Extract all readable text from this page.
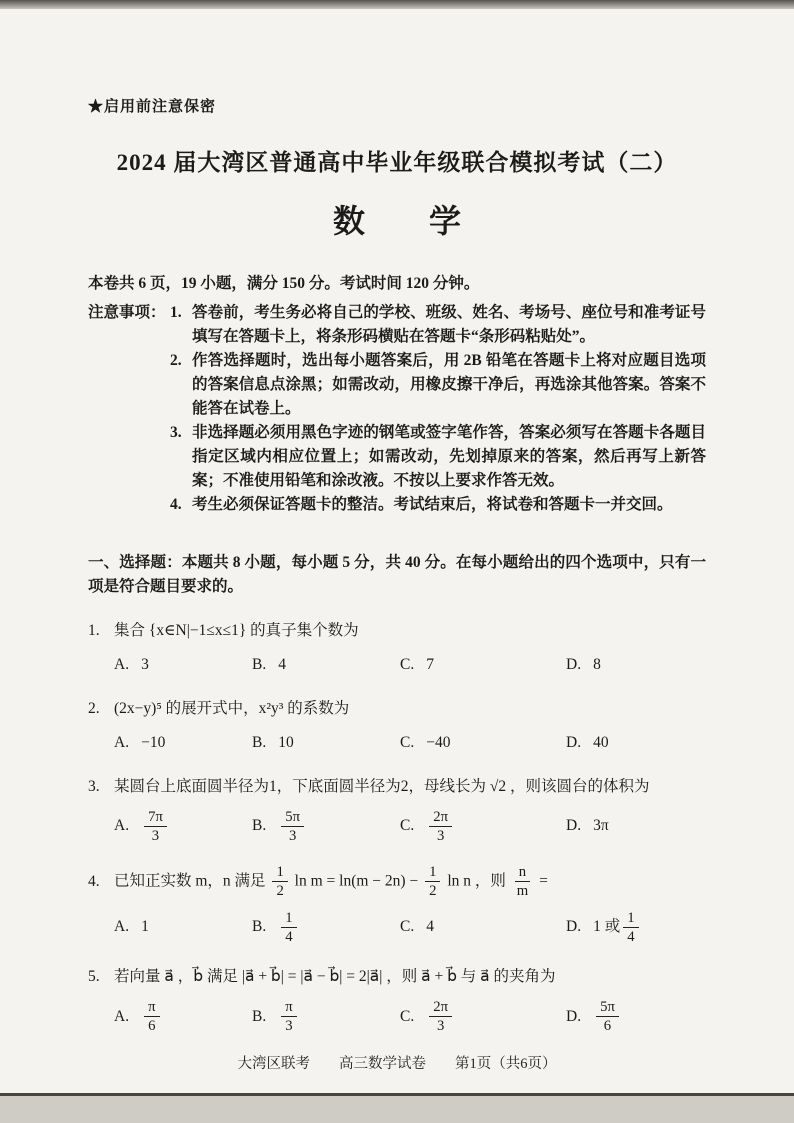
★启用前注意保密
2024 届大湾区普通高中毕业年级联合模拟考试（二）
数　　学
本卷共 6 页，19 小题，满分 150 分。考试时间 120 分钟。
注意事项： 1. 答卷前，考生务必将自己的学校、班级、姓名、考场号、座位号和准考证号填写在答题卡上，将条形码横贴在答题卡“条形码粘贴处”。
2. 作答选择题时，选出每小题答案后，用 2B 铅笔在答题卡上将对应题目选项的答案信息点涂黑；如需改动，用橡皮擦干净后，再选涂其他答案。答案不能答在试卷上。
3. 非选择题必须用黑色字迹的钢笔或签字笔作答，答案必须写在答题卡各题目指定区域内相应位置上；如需改动，先划掉原来的答案，然后再写上新答案；不准使用铅笔和涂改液。不按以上要求作答无效。
4. 考生必须保证答题卡的整洁。考试结束后，将试卷和答题卡一并交回。
一、选择题：本题共 8 小题，每小题 5 分，共 40 分。在每小题给出的四个选项中，只有一项是符合题目要求的。
1. 集合 {x∈N|−1≤x≤1} 的真子集个数为
A. 3	B. 4	C. 7	D. 8
2. (2x−y)⁵ 的展开式中，x²y³ 的系数为
A. −10	B. 10	C. −40	D. 40
3. 某圆台上底面圆半径为1，下底面圆半径为2，母线长为 √2 ，则该圆台的体积为
A. $\frac{7\pi}{3}$	B. $\frac{5\pi}{3}$	C. $\frac{2\pi}{3}$	D. 3π
4. 已知正实数 m，n 满足 $\frac{1}{2}$ $\ln m = \ln(m - 2n) - \frac{1}{2}$ ln n ，则 $\frac{n}{m}$ =
A. 1	B. $\frac{1}{4}$	C. 4	D. 1 或 $\frac{1}{4}$
5. 若向量 a⃗ ，b⃗ 满足 |a⃗ + b⃗| = |a⃗ − b⃗| = 2|a⃗| ，则 a⃗ + b⃗ 与 a⃗ 的夹角为
A. $\frac{\pi}{6}$	B. $\frac{\pi}{3}$	C. $\frac{2\pi}{3}$	D. $\frac{5\pi}{6}$
大湾区联考　　高三数学试卷　　第1页（共6页）
